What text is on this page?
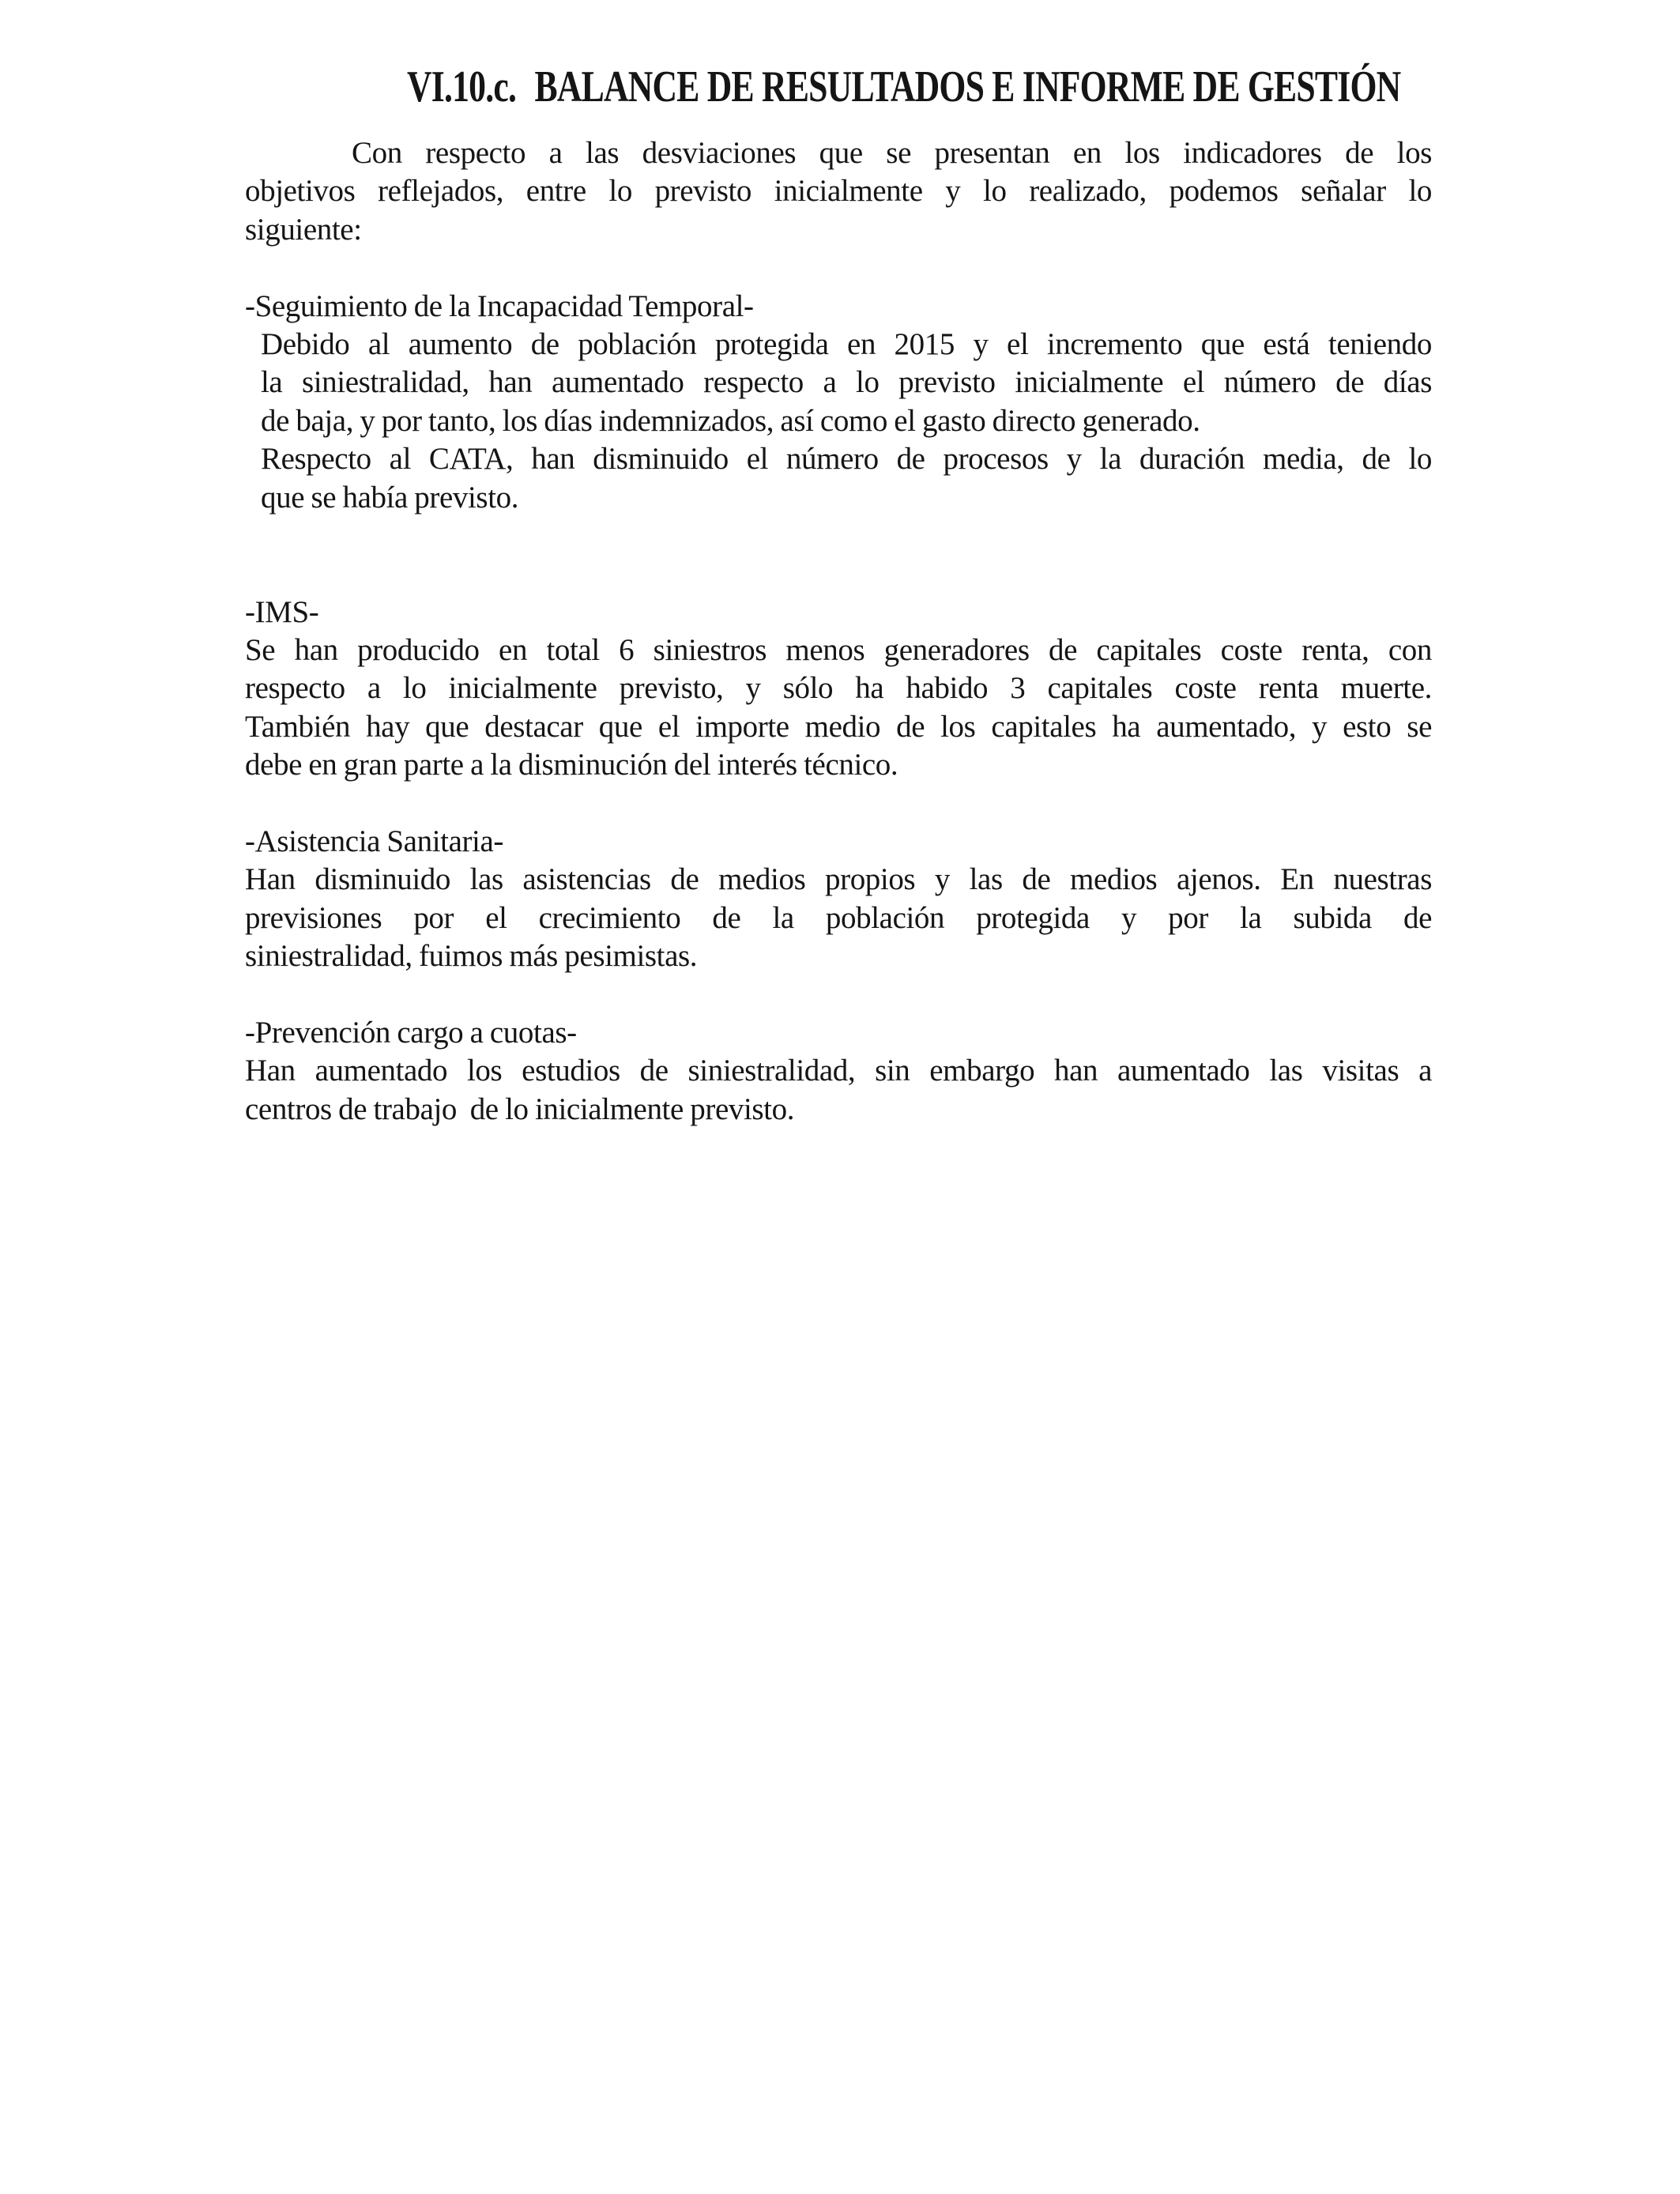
VI.10.c. BALANCE DE RESULTADOS E INFORME DE GESTIÓN

Con respecto a las desviaciones que se presentan en los indicadores de los
objetivos reflejados, entre lo previsto inicialmente y lo realizado, podemos señalar lo
siguiente:
-Seguimiento de la Incapacidad Temporal-
Debido al aumento de población protegida en 2015 y el incremento que está teniendo
la siniestralidad, han aumentado respecto a lo previsto inicialmente el número de días
de baja, y por tanto, los días indemnizados, así como el gasto directo generado.
Respecto al CATA, han disminuido el número de procesos y la duración media, de lo
que se había previsto.
-IMS-
Se han producido en total 6 siniestros menos generadores de capitales coste renta, con
respecto a lo inicialmente previsto, y sólo ha habido 3 capitales coste renta muerte.
También hay que destacar que el importe medio de los capitales ha aumentado, y esto se
debe en gran parte a la disminución del interés técnico.
-Asistencia Sanitaria-
Han disminuido las asistencias de medios propios y las de medios ajenos. En nuestras
previsiones por el crecimiento de la población protegida y por la subida de
siniestralidad, fuimos más pesimistas.
-Prevención cargo a cuotas-
Han aumentado los estudios de siniestralidad, sin embargo han aumentado las visitas a
centros de trabajo  de lo inicialmente previsto.
